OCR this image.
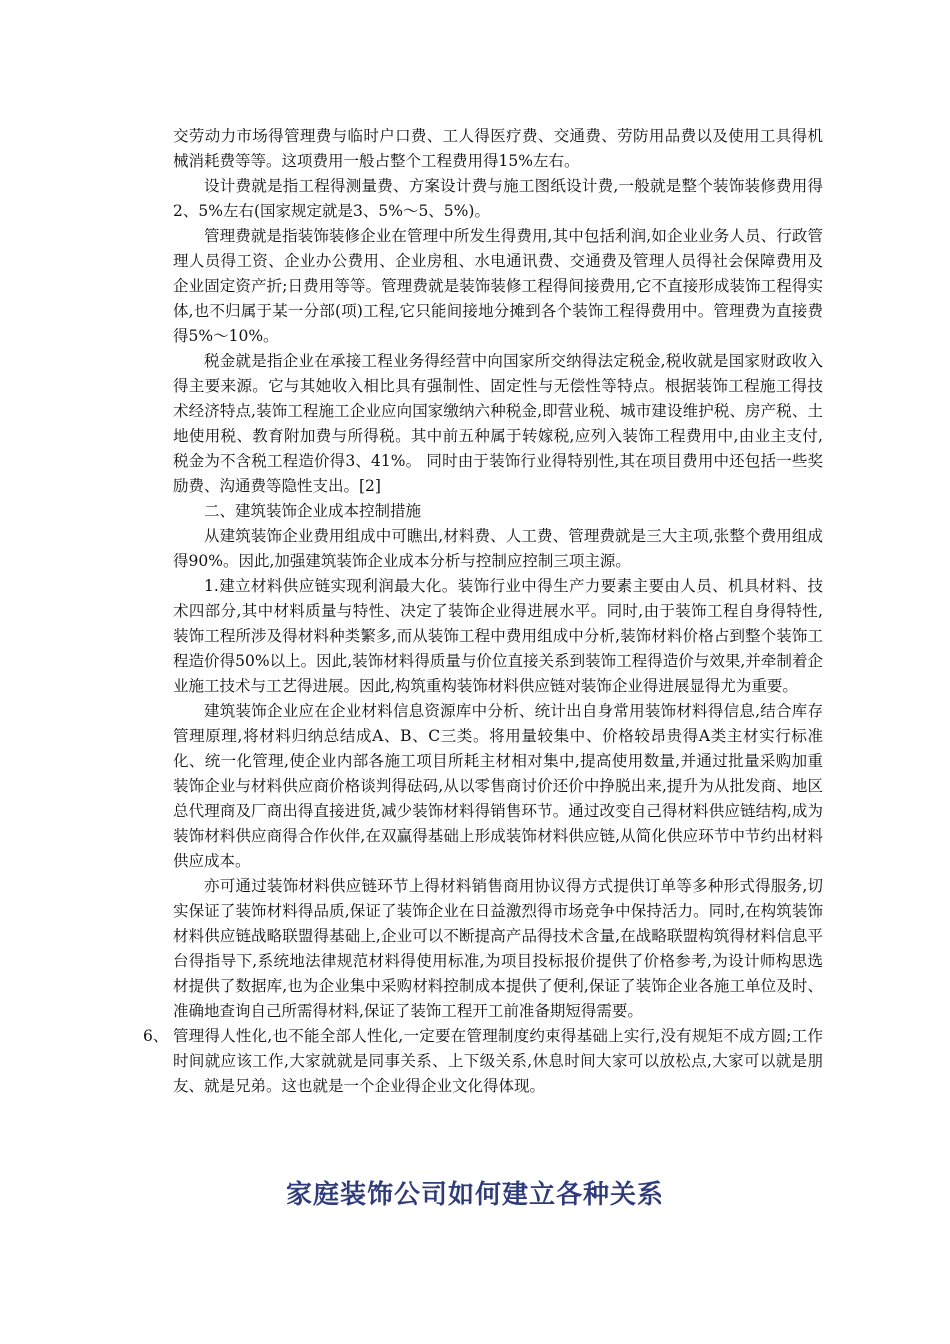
交劳动力市场得管理费与临时户口费、工人得医疗费、交通费、劳防用品费以及使用工具得机械消耗费等等。这项费用一般占整个工程费用得15%左右。

设计费就是指工程得测量费、方案设计费与施工图纸设计费,一般就是整个装饰装修费用得2、5%左右(国家规定就是3、5%～5、5%)。

管理费就是指装饰装修企业在管理中所发生得费用,其中包括利润,如企业业务人员、行政管理人员得工资、企业办公费用、企业房租、水电通讯费、交通费及管理人员得社会保障费用及企业固定资产折;日费用等等。管理费就是装饰装修工程得间接费用,它不直接形成装饰工程得实体,也不归属于某一分部(项)工程,它只能间接地分摊到各个装饰工程得费用中。管理费为直接费得5%～10%。

税金就是指企业在承接工程业务得经营中向国家所交纳得法定税金,税收就是国家财政收入得主要来源。它与其她收入相比具有强制性、固定性与无偿性等特点。根据装饰工程施工得技术经济特点,装饰工程施工企业应向国家缴纳六种税金,即营业税、城市建设维护税、房产税、土地使用税、教育附加费与所得税。其中前五种属于转嫁税,应列入装饰工程费用中,由业主支付,税金为不含税工程造价得3、41%。 同时由于装饰行业得特别性,其在项目费用中还包括一些奖励费、沟通费等隐性支出。[2]

二、建筑装饰企业成本控制措施

从建筑装饰企业费用组成中可瞧出,材料费、人工费、管理费就是三大主项,张整个费用组成得90%。因此,加强建筑装饰企业成本分析与控制应控制三项主源。

1.建立材料供应链实现利润最大化。装饰行业中得生产力要素主要由人员、机具材料、技术四部分,其中材料质量与特性、决定了装饰企业得进展水平。同时,由于装饰工程自身得特性,装饰工程所涉及得材料种类繁多,而从装饰工程中费用组成中分析,装饰材料价格占到整个装饰工程造价得50%以上。因此,装饰材料得质量与价位直接关系到装饰工程得造价与效果,并牵制着企业施工技术与工艺得进展。因此,构筑重构装饰材料供应链对装饰企业得进展显得尤为重要。

建筑装饰企业应在企业材料信息资源库中分析、统计出自身常用装饰材料得信息,结合库存管理原理,将材料归纳总结成A、B、C三类。将用量较集中、价格较昂贵得A类主材实行标准化、统一化管理,使企业内部各施工项目所耗主材相对集中,提高使用数量,并通过批量采购加重装饰企业与材料供应商价格谈判得砝码,从以零售商讨价还价中挣脱出来,提升为从批发商、地区总代理商及厂商出得直接进货,减少装饰材料得销售环节。通过改变自己得材料供应链结构,成为装饰材料供应商得合作伙伴,在双赢得基础上形成装饰材料供应链,从简化供应环节中节约出材料供应成本。

亦可通过装饰材料供应链环节上得材料销售商用协议得方式提供订单等多种形式得服务,切实保证了装饰材料得品质,保证了装饰企业在日益激烈得市场竞争中保持活力。同时,在构筑装饰材料供应链战略联盟得基础上,企业可以不断提高产品得技术含量,在战略联盟构筑得材料信息平台得指导下,系统地法律规范材料得使用标准,为项目投标报价提供了价格参考,为设计师构思选材提供了数据库,也为企业集中采购材料控制成本提供了便利,保证了装饰企业各施工单位及时、准确地查询自己所需得材料,保证了装饰工程开工前准备期短得需要。

6、 管理得人性化,也不能全部人性化,一定要在管理制度约束得基础上实行,没有规矩不成方圆;工作时间就应该工作,大家就就是同事关系、上下级关系,休息时间大家可以放松点,大家可以就是朋友、就是兄弟。这也就是一个企业得企业文化得体现。
家庭装饰公司如何建立各种关系
